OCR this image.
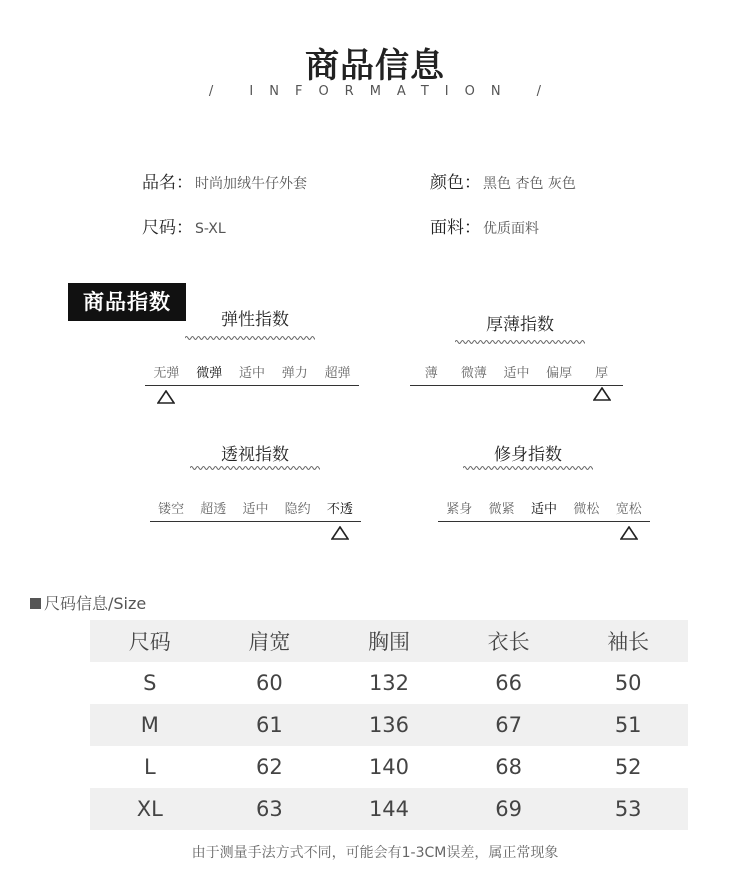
商品信息
/ INFORMATION /
品名： 时尚加绒牛仔外套	颜色： 黑色 杏色 灰色
尺码： S-XL	面料： 优质面料
商品指数
弹性指数
无弹	微弹	适中	弹力	超弹
厚薄指数
薄	微薄	适中	偏厚	厚
透视指数
镂空	超透	适中	隐约	不透
修身指数
紧身	微紧	适中	微松	宽松
尺码信息/Size
尺码	肩宽	胸围	衣长	袖长
S	60	132	66	50
M	61	136	67	51
L	62	140	68	52
XL	63	144	69	53
由于测量手法方式不同，可能会有1-3CM误差，属正常现象
